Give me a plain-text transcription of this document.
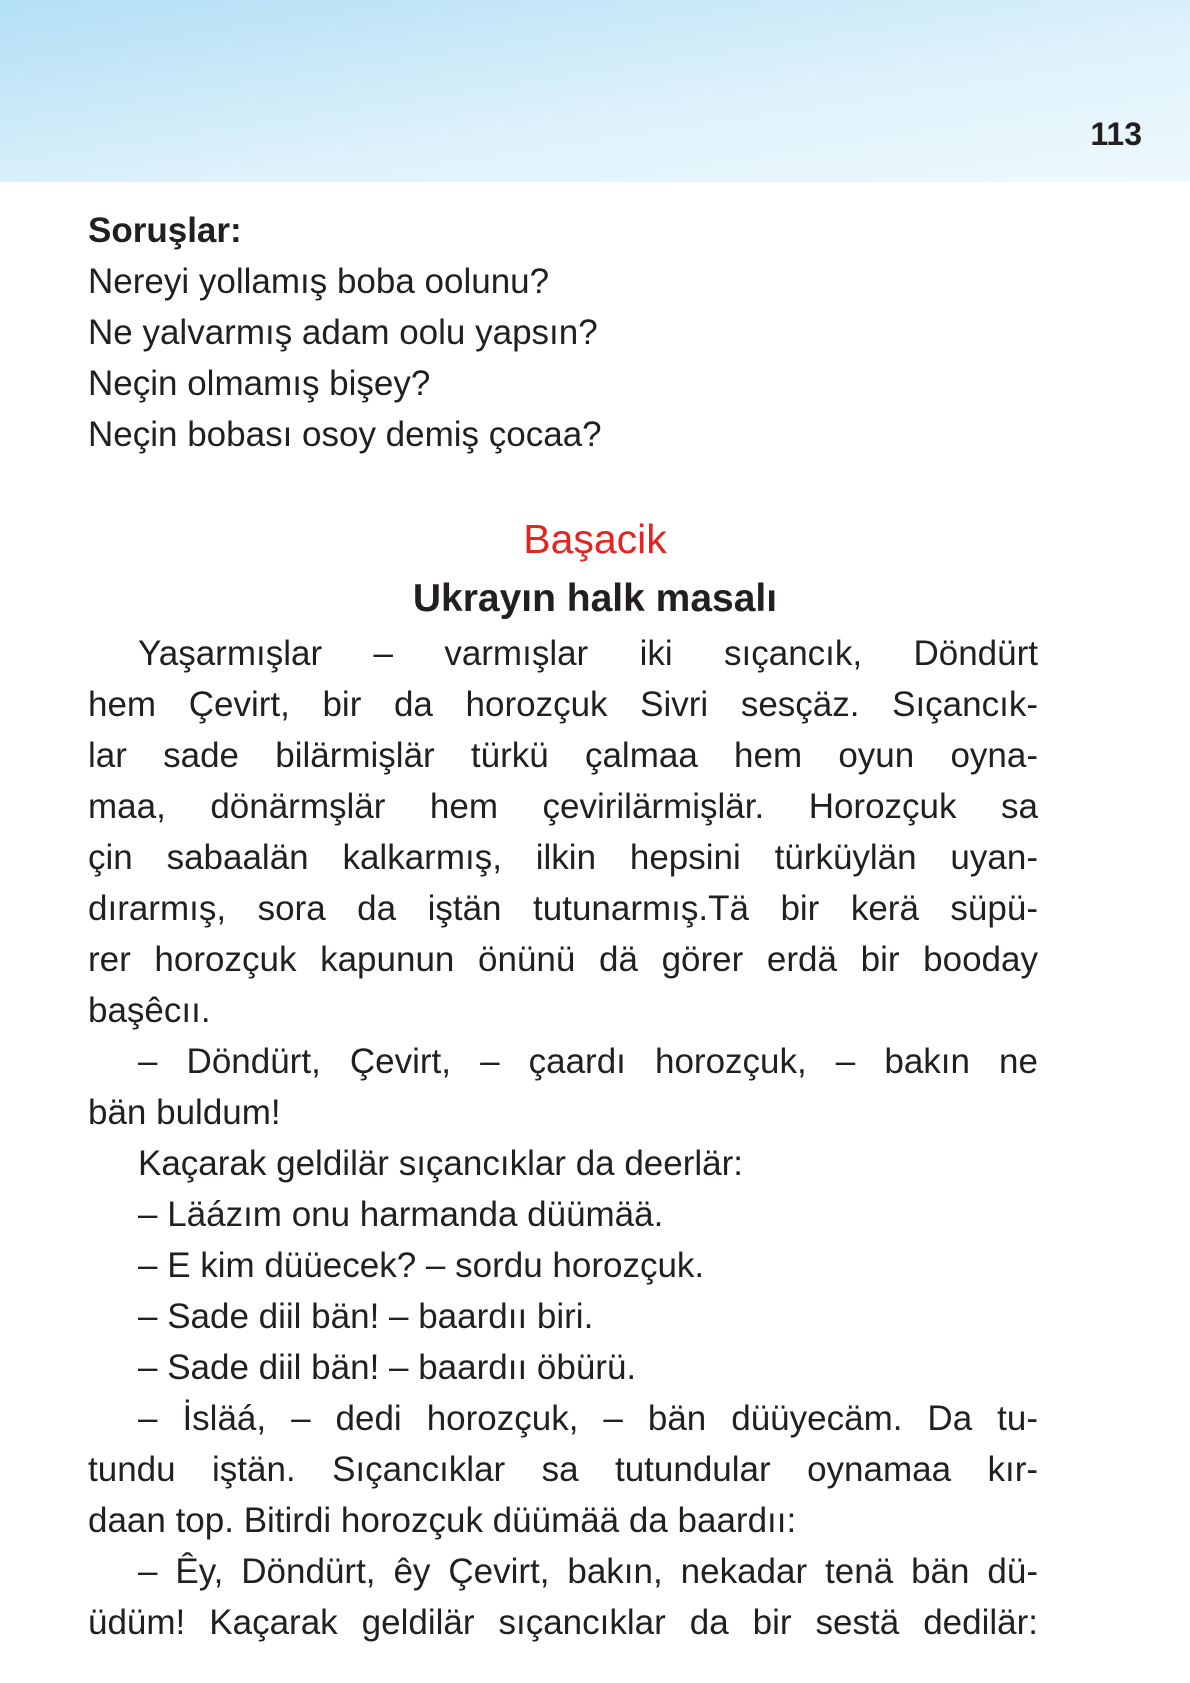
113
Soruşlar:
Nereyi yollamış boba oolunu?
Ne yalvarmış adam oolu yapsın?
Neçin olmamış bişey?
Neçin bobası osoy demiş çocaa?
Başacik
Ukrayın halk masalı
Yaşarmışlar – varmışlar iki sıçancık, Döndürt
hem Çevirt, bir da horozçuk Sivri sesçäz. Sıçancık-
lar sade bilärmişlär türkü çalmaa hem oyun oyna-
maa, dönärmşlär hem çevirilärmişlär. Horozçuk sa
çin sabaalän kalkarmış, ilkin hepsini türküylän uyan-
dırarmış, sora da iştän tutunarmış.Tä bir kerä süpü-
rer horozçuk kapunun önünü dä görer erdä bir booday
başêcıı.
– Döndürt, Çevirt, – çaardı horozçuk, – bakın ne
bän buldum!
Kaçarak geldilär sıçancıklar da deerlär:
– Läázım onu harmanda düümää.
– E kim düüecek? – sordu horozçuk.
– Sade diil bän! – baardıı biri.
– Sade diil bän! – baardıı öbürü.
– İsläá, – dedi horozçuk, – bän düüyecäm. Da tu-
tundu iştän. Sıçancıklar sa tutundular oynamaa kır-
daan top. Bitirdi horozçuk düümää da baardıı:
– Êy, Döndürt, êy Çevirt, bakın, nekadar tenä bän dü-
üdüm! Kaçarak geldilär sıçancıklar da bir sestä dedilär:
